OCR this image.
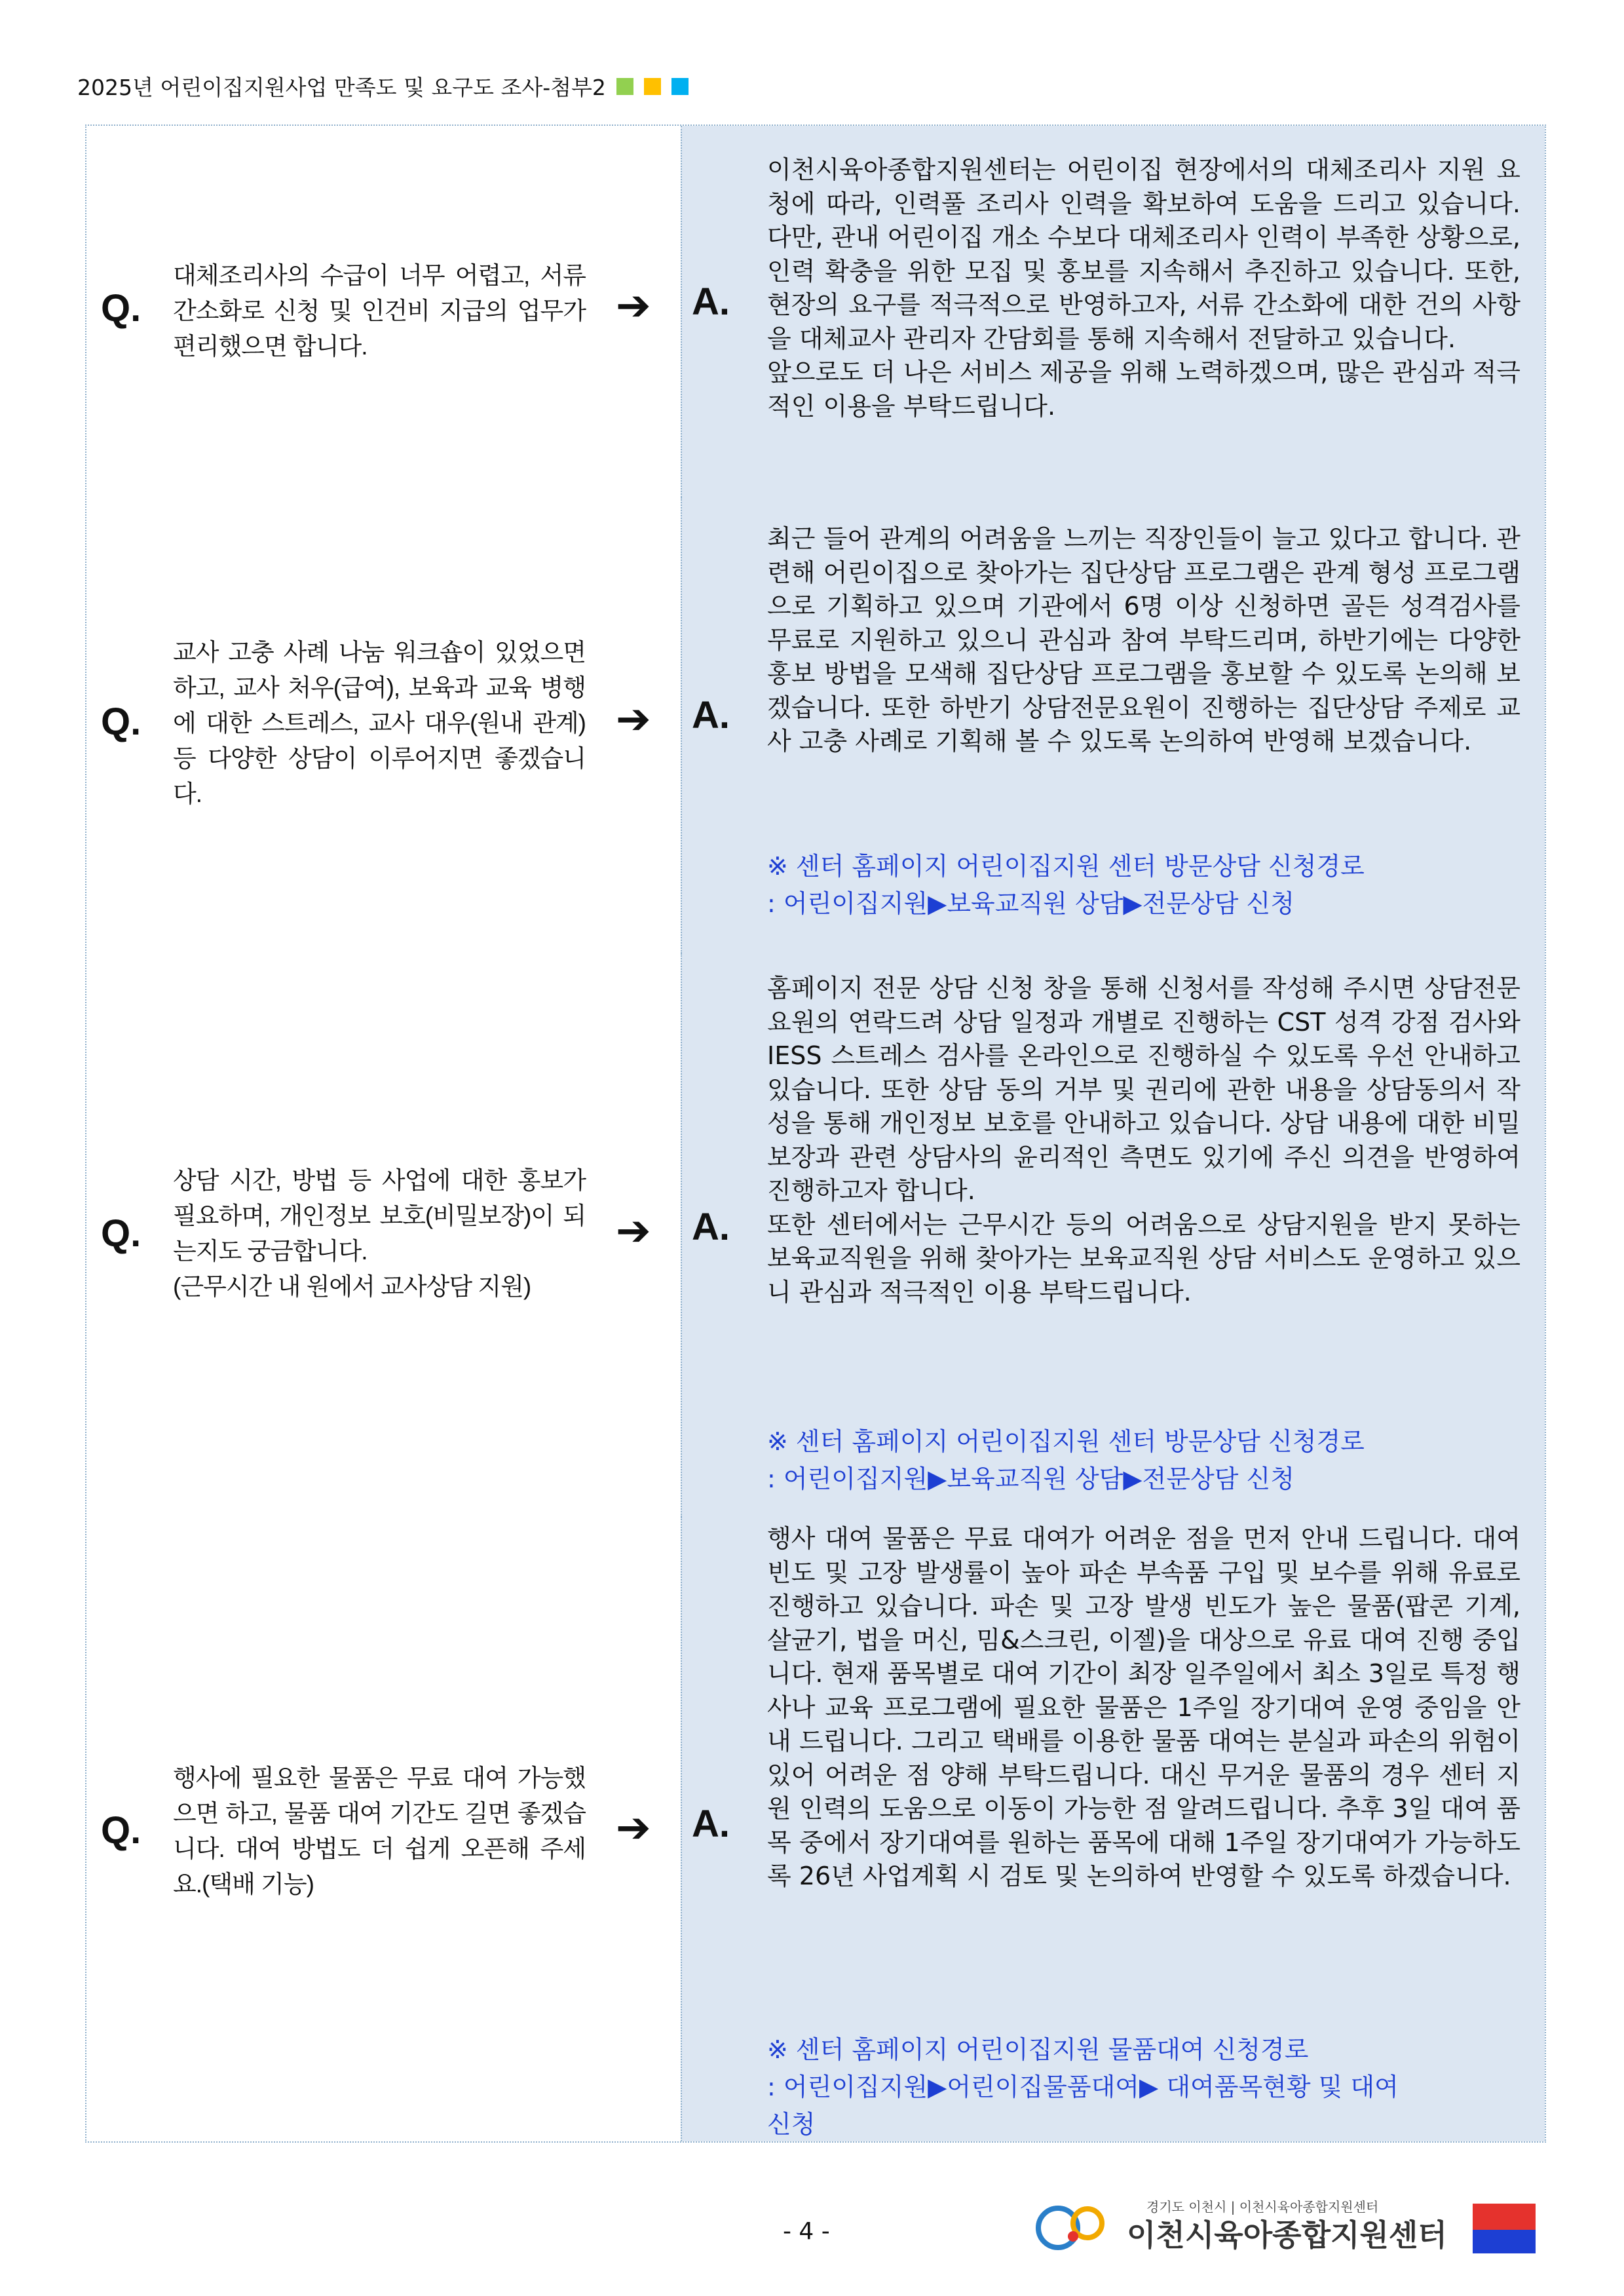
2025년 어린이집지원사업 만족도 및 요구도 조사-첨부2
Q.
대체조리사의 수급이 너무 어렵고, 서류 간소화로 신청 및 인건비 지급의 업무가 편리했으면 합니다.
➔ A.
이천시육아종합지원센터는 어린이집 현장에서의 대체조리사 지원 요청에 따라, 인력풀 조리사 인력을 확보하여 도움을 드리고 있습니다. 다만, 관내 어린이집 개소 수보다 대체조리사 인력이 부족한 상황으로, 인력 확충을 위한 모집 및 홍보를 지속해서 추진하고 있습니다. 또한, 현장의 요구를 적극적으로 반영하고자, 서류 간소화에 대한 건의 사항을 대체교사 관리자 간담회를 통해 지속해서 전달하고 있습니다.
앞으로도 더 나은 서비스 제공을 위해 노력하겠으며, 많은 관심과 적극적인 이용을 부탁드립니다.
Q.
교사 고충 사례 나눔 워크숍이 있었으면 하고, 교사 처우(급여), 보육과 교육 병행에 대한 스트레스, 교사 대우(원내 관계) 등 다양한 상담이 이루어지면 좋겠습니다.
➔ A.
최근 들어 관계의 어려움을 느끼는 직장인들이 늘고 있다고 합니다. 관련해 어린이집으로 찾아가는 집단상담 프로그램은 관계 형성 프로그램으로 기획하고 있으며 기관에서 6명 이상 신청하면 골든 성격검사를 무료로 지원하고 있으니 관심과 참여 부탁드리며, 하반기에는 다양한 홍보 방법을 모색해 집단상담 프로그램을 홍보할 수 있도록 논의해 보겠습니다. 또한 하반기 상담전문요원이 진행하는 집단상담 주제로 교사 고충 사례로 기획해 볼 수 있도록 논의하여 반영해 보겠습니다.
※ 센터 홈페이지 어린이집지원 센터 방문상담 신청경로
: 어린이집지원▶보육교직원 상담▶전문상담 신청
Q.
상담 시간, 방법 등 사업에 대한 홍보가 필요하며, 개인정보 보호(비밀보장)이 되는지도 궁금합니다.
(근무시간 내 원에서 교사상담 지원)
➔ A.
홈페이지 전문 상담 신청 창을 통해 신청서를 작성해 주시면 상담전문요원의 연락드려 상담 일정과 개별로 진행하는 CST 성격 강점 검사와 IESS 스트레스 검사를 온라인으로 진행하실 수 있도록 우선 안내하고 있습니다. 또한 상담 동의 거부 및 권리에 관한 내용을 상담동의서 작성을 통해 개인정보 보호를 안내하고 있습니다. 상담 내용에 대한 비밀보장과 관련 상담사의 윤리적인 측면도 있기에 주신 의견을 반영하여 진행하고자 합니다.
또한 센터에서는 근무시간 등의 어려움으로 상담지원을 받지 못하는 보육교직원을 위해 찾아가는 보육교직원 상담 서비스도 운영하고 있으니 관심과 적극적인 이용 부탁드립니다.
※ 센터 홈페이지 어린이집지원 센터 방문상담 신청경로
: 어린이집지원▶보육교직원 상담▶전문상담 신청
Q.
행사에 필요한 물품은 무료 대여 가능했으면 하고, 물품 대여 기간도 길면 좋겠습니다. 대여 방법도 더 쉽게 오픈해 주세요.(택배 기능)
➔ A.
행사 대여 물품은 무료 대여가 어려운 점을 먼저 안내 드립니다. 대여 빈도 및 고장 발생률이 높아 파손 부속품 구입 및 보수를 위해 유료로 진행하고 있습니다. 파손 및 고장 발생 빈도가 높은 물품(팝콘 기계, 살균기, 법을 머신, 밈&스크린, 이젤)을 대상으로 유료 대여 진행 중입니다. 현재 품목별로 대여 기간이 최장 일주일에서 최소 3일로 특정 행사나 교육 프로그램에 필요한 물품은 1주일 장기대여 운영 중임을 안내 드립니다. 그리고 택배를 이용한 물품 대여는 분실과 파손의 위험이 있어 어려운 점 양해 부탁드립니다. 대신 무거운 물품의 경우 센터 지원 인력의 도움으로 이동이 가능한 점 알려드립니다. 추후 3일 대여 품목 중에서 장기대여를 원하는 품목에 대해 1주일 장기대여가 가능하도록 26년 사업계획 시 검토 및 논의하여 반영할 수 있도록 하겠습니다.
※ 센터 홈페이지 어린이집지원 물품대여 신청경로
: 어린이집지원▶어린이집물품대여▶ 대여품목현황 및 대여
신청
- 4 -
경기도 이천시 | 이천시육아종합지원센터
이천시육아종합지원센터
